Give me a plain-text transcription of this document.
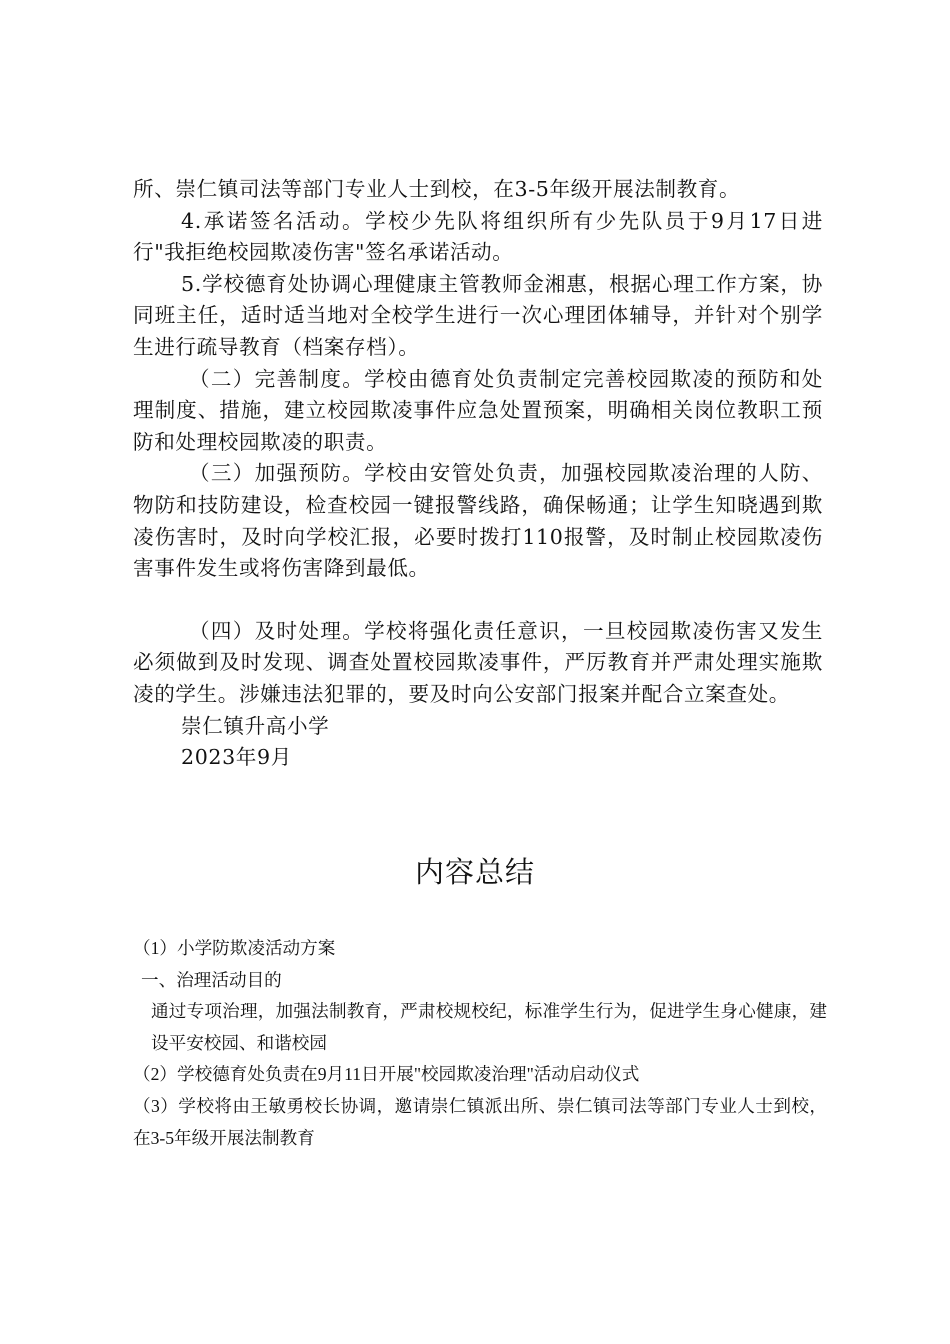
所、崇仁镇司法等部门专业人士到校，在3-5年级开展法制教育。

4.承诺签名活动。学校少先队将组织所有少先队员于9月17日进行"我拒绝校园欺凌伤害"签名承诺活动。

5.学校德育处协调心理健康主管教师金湘惠，根据心理工作方案，协同班主任，适时适当地对全校学生进行一次心理团体辅导，并针对个别学生进行疏导教育（档案存档）。

（二）完善制度。学校由德育处负责制定完善校园欺凌的预防和处理制度、措施，建立校园欺凌事件应急处置预案，明确相关岗位教职工预防和处理校园欺凌的职责。

（三）加强预防。学校由安管处负责，加强校园欺凌治理的人防、物防和技防建设，检查校园一键报警线路，确保畅通；让学生知晓遇到欺凌伤害时，及时向学校汇报，必要时拨打110报警，及时制止校园欺凌伤害事件发生或将伤害降到最低。

（四）及时处理。学校将强化责任意识，一旦校园欺凌伤害又发生必须做到及时发现、调查处置校园欺凌事件，严厉教育并严肃处理实施欺凌的学生。涉嫌违法犯罪的，要及时向公安部门报案并配合立案查处。

崇仁镇升高小学

2023年9月

内容总结

（1）小学防欺凌活动方案

一、治理活动目的

通过专项治理，加强法制教育，严肃校规校纪，标准学生行为，促进学生身心健康，建设平安校园、和谐校园

（2）学校德育处负责在9月11日开展"校园欺凌治理"活动启动仪式

（3）学校将由王敏勇校长协调，邀请崇仁镇派出所、崇仁镇司法等部门专业人士到校，在3-5年级开展法制教育
